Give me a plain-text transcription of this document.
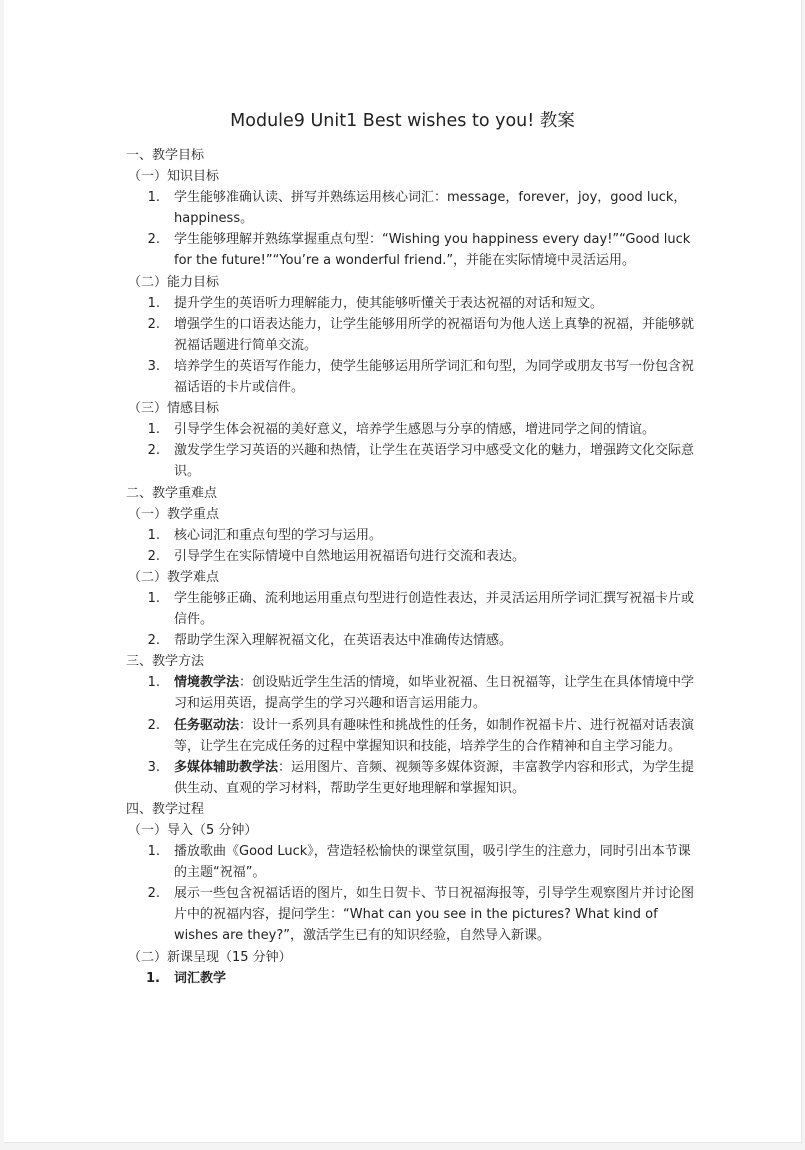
Module9 Unit1 Best wishes to you! 教案
一、教学目标
（一）知识目标
1.	学生能够准确认读、拼写并熟练运用核心词汇：message，forever，joy，good luck，happiness。
2.	学生能够理解并熟练掌握重点句型：“Wishing you happiness every day!”“Good luck for the future!”“You’re a wonderful friend.”，并能在实际情境中灵活运用。
（二）能力目标
1.	提升学生的英语听力理解能力，使其能够听懂关于表达祝福的对话和短文。
2.	增强学生的口语表达能力，让学生能够用所学的祝福语句为他人送上真挚的祝福，并能够就祝福话题进行简单交流。
3.	培养学生的英语写作能力，使学生能够运用所学词汇和句型，为同学或朋友书写一份包含祝福话语的卡片或信件。
（三）情感目标
1.	引导学生体会祝福的美好意义，培养学生感恩与分享的情感，增进同学之间的情谊。
2.	激发学生学习英语的兴趣和热情，让学生在英语学习中感受文化的魅力，增强跨文化交际意识。
二、教学重难点
（一）教学重点
1.	核心词汇和重点句型的学习与运用。
2.	引导学生在实际情境中自然地运用祝福语句进行交流和表达。
（二）教学难点
1.	学生能够正确、流利地运用重点句型进行创造性表达，并灵活运用所学词汇撰写祝福卡片或信件。
2.	帮助学生深入理解祝福文化，在英语表达中准确传达情感。
三、教学方法
1.	情境教学法：创设贴近学生生活的情境，如毕业祝福、生日祝福等，让学生在具体情境中学习和运用英语，提高学生的学习兴趣和语言运用能力。
2.	任务驱动法：设计一系列具有趣味性和挑战性的任务，如制作祝福卡片、进行祝福对话表演等，让学生在完成任务的过程中掌握知识和技能，培养学生的合作精神和自主学习能力。
3.	多媒体辅助教学法：运用图片、音频、视频等多媒体资源，丰富教学内容和形式，为学生提供生动、直观的学习材料，帮助学生更好地理解和掌握知识。
四、教学过程
（一）导入（5 分钟）
1.	播放歌曲《Good Luck》，营造轻松愉快的课堂氛围，吸引学生的注意力，同时引出本节课的主题“祝福”。
2.	展示一些包含祝福话语的图片，如生日贺卡、节日祝福海报等，引导学生观察图片并讨论图片中的祝福内容，提问学生：“What can you see in the pictures? What kind of wishes are they?”，激活学生已有的知识经验，自然导入新课。
（二）新课呈现（15 分钟）
1.	词汇教学
